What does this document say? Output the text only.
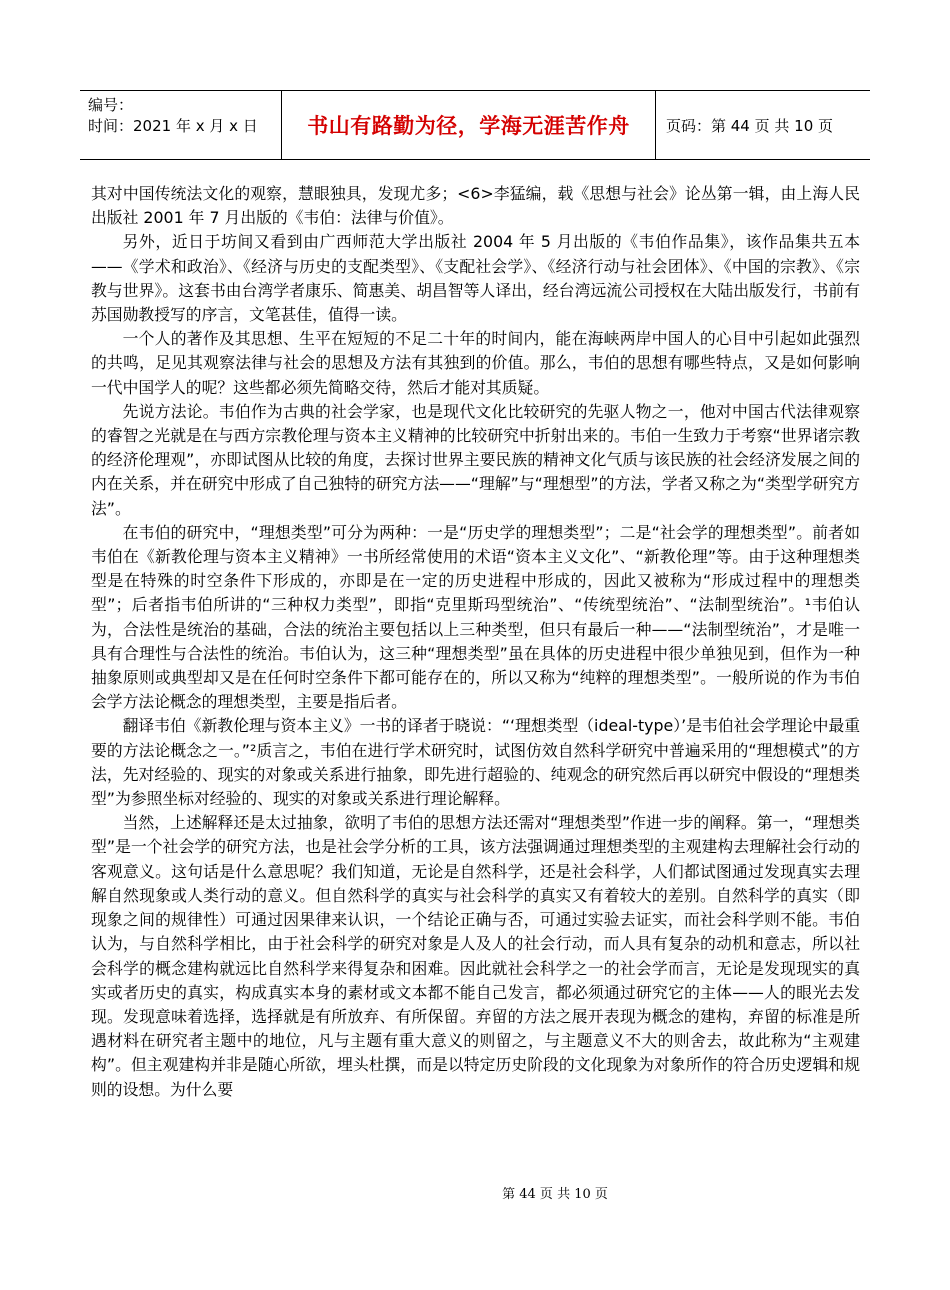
编号：
时间：2021 年 x 月 x 日	书山有路勤为径，学海无涯苦作舟	页码：第 44 页 共 10 页

其对中国传统法文化的观察，慧眼独具，发现尤多；<6>李猛编，载《思想与社会》论丛第一辑，由上海人民出版社 2001 年 7 月出版的《韦伯：法律与价值》。

另外，近日于坊间又看到由广西师范大学出版社 2004 年 5 月出版的《韦伯作品集》，该作品集共五本——《学术和政治》、《经济与历史的支配类型》、《支配社会学》、《经济行动与社会团体》、《中国的宗教》、《宗教与世界》。这套书由台湾学者康乐、简惠美、胡昌智等人译出，经台湾远流公司授权在大陆出版发行，书前有苏国勋教授写的序言，文笔甚佳，值得一读。

一个人的著作及其思想、生平在短短的不足二十年的时间内，能在海峡两岸中国人的心目中引起如此强烈的共鸣，足见其观察法律与社会的思想及方法有其独到的价值。那么，韦伯的思想有哪些特点，又是如何影响一代中国学人的呢？这些都必须先简略交待，然后才能对其质疑。

先说方法论。韦伯作为古典的社会学家，也是现代文化比较研究的先驱人物之一，他对中国古代法律观察的睿智之光就是在与西方宗教伦理与资本主义精神的比较研究中折射出来的。韦伯一生致力于考察“世界诸宗教的经济伦理观”，亦即试图从比较的角度，去探讨世界主要民族的精神文化气质与该民族的社会经济发展之间的内在关系，并在研究中形成了自己独特的研究方法——“理解”与“理想型”的方法，学者又称之为“类型学研究方法”。

在韦伯的研究中，“理想类型”可分为两种：一是“历史学的理想类型”；二是“社会学的理想类型”。前者如韦伯在《新教伦理与资本主义精神》一书所经常使用的术语“资本主义文化”、“新教伦理”等。由于这种理想类型是在特殊的时空条件下形成的，亦即是在一定的历史进程中形成的，因此又被称为“形成过程中的理想类型”；后者指韦伯所讲的“三种权力类型”，即指“克里斯玛型统治”、“传统型统治”、“法制型统治”。¹韦伯认为，合法性是统治的基础，合法的统治主要包括以上三种类型，但只有最后一种——“法制型统治”，才是唯一具有合理性与合法性的统治。韦伯认为，这三种“理想类型”虽在具体的历史进程中很少单独见到，但作为一种抽象原则或典型却又是在任何时空条件下都可能存在的，所以又称为“纯粹的理想类型”。一般所说的作为韦伯会学方法论概念的理想类型，主要是指后者。

翻译韦伯《新教伦理与资本主义》一书的译者于晓说：“‘理想类型（ideal-type）’是韦伯社会学理论中最重要的方法论概念之一。”²质言之，韦伯在进行学术研究时，试图仿效自然科学研究中普遍采用的“理想模式”的方法，先对经验的、现实的对象或关系进行抽象，即先进行超验的、纯观念的研究然后再以研究中假设的“理想类型”为参照坐标对经验的、现实的对象或关系进行理论解释。

当然，上述解释还是太过抽象，欲明了韦伯的思想方法还需对“理想类型”作进一步的阐释。第一，“理想类型”是一个社会学的研究方法，也是社会学分析的工具，该方法强调通过理想类型的主观建构去理解社会行动的客观意义。这句话是什么意思呢？我们知道，无论是自然科学，还是社会科学，人们都试图通过发现真实去理解自然现象或人类行动的意义。但自然科学的真实与社会科学的真实又有着较大的差别。自然科学的真实（即现象之间的规律性）可通过因果律来认识，一个结论正确与否，可通过实验去证实，而社会科学则不能。韦伯认为，与自然科学相比，由于社会科学的研究对象是人及人的社会行动，而人具有复杂的动机和意志，所以社会科学的概念建构就远比自然科学来得复杂和困难。因此就社会科学之一的社会学而言，无论是发现现实的真实或者历史的真实，构成真实本身的素材或文本都不能自己发言，都必须通过研究它的主体——人的眼光去发现。发现意味着选择，选择就是有所放弃、有所保留。弃留的方法之展开表现为概念的建构，弃留的标准是所遇材料在研究者主题中的地位，凡与主题有重大意义的则留之，与主题意义不大的则舍去，故此称为“主观建构”。但主观建构并非是随心所欲，埋头杜撰，而是以特定历史阶段的文化现象为对象所作的符合历史逻辑和规则的设想。为什么要

第 44 页 共 10 页
